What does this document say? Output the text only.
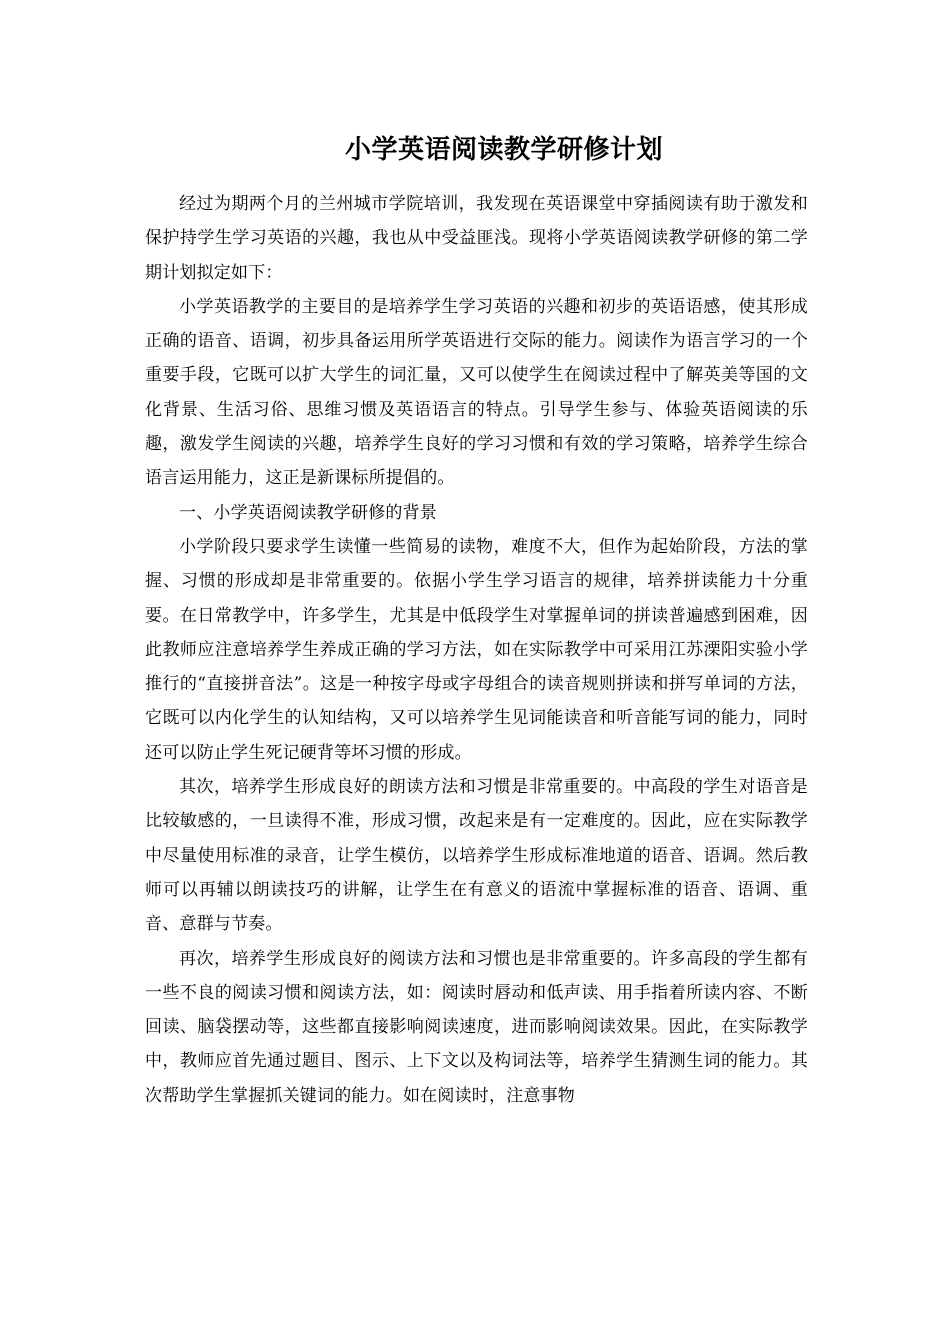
小学英语阅读教学研修计划

经过为期两个月的兰州城市学院培训，我发现在英语课堂中穿插阅读有助于激发和保护持学生学习英语的兴趣，我也从中受益匪浅。现将小学英语阅读教学研修的第二学期计划拟定如下：

小学英语教学的主要目的是培养学生学习英语的兴趣和初步的英语语感，使其形成正确的语音、语调，初步具备运用所学英语进行交际的能力。阅读作为语言学习的一个重要手段，它既可以扩大学生的词汇量，又可以使学生在阅读过程中了解英美等国的文化背景、生活习俗、思维习惯及英语语言的特点。引导学生参与、体验英语阅读的乐趣，激发学生阅读的兴趣，培养学生良好的学习习惯和有效的学习策略，培养学生综合语言运用能力，这正是新课标所提倡的。

一、小学英语阅读教学研修的背景

小学阶段只要求学生读懂一些简易的读物，难度不大，但作为起始阶段，方法的掌握、习惯的形成却是非常重要的。依据小学生学习语言的规律，培养拼读能力十分重要。在日常教学中，许多学生，尤其是中低段学生对掌握单词的拼读普遍感到困难，因此教师应注意培养学生养成正确的学习方法，如在实际教学中可采用江苏溧阳实验小学推行的“直接拼音法”。这是一种按字母或字母组合的读音规则拼读和拼写单词的方法，它既可以内化学生的认知结构，又可以培养学生见词能读音和听音能写词的能力，同时还可以防止学生死记硬背等坏习惯的形成。

其次，培养学生形成良好的朗读方法和习惯是非常重要的。中高段的学生对语音是比较敏感的，一旦读得不准，形成习惯，改起来是有一定难度的。因此，应在实际教学中尽量使用标准的录音，让学生模仿，以培养学生形成标准地道的语音、语调。然后教师可以再辅以朗读技巧的讲解，让学生在有意义的语流中掌握标准的语音、语调、重音、意群与节奏。

再次，培养学生形成良好的阅读方法和习惯也是非常重要的。许多高段的学生都有一些不良的阅读习惯和阅读方法，如：阅读时唇动和低声读、用手指着所读内容、不断回读、脑袋摆动等，这些都直接影响阅读速度，进而影响阅读效果。因此，在实际教学中，教师应首先通过题目、图示、上下文以及构词法等，培养学生猜测生词的能力。其次帮助学生掌握抓关键词的能力。如在阅读时，注意事物
